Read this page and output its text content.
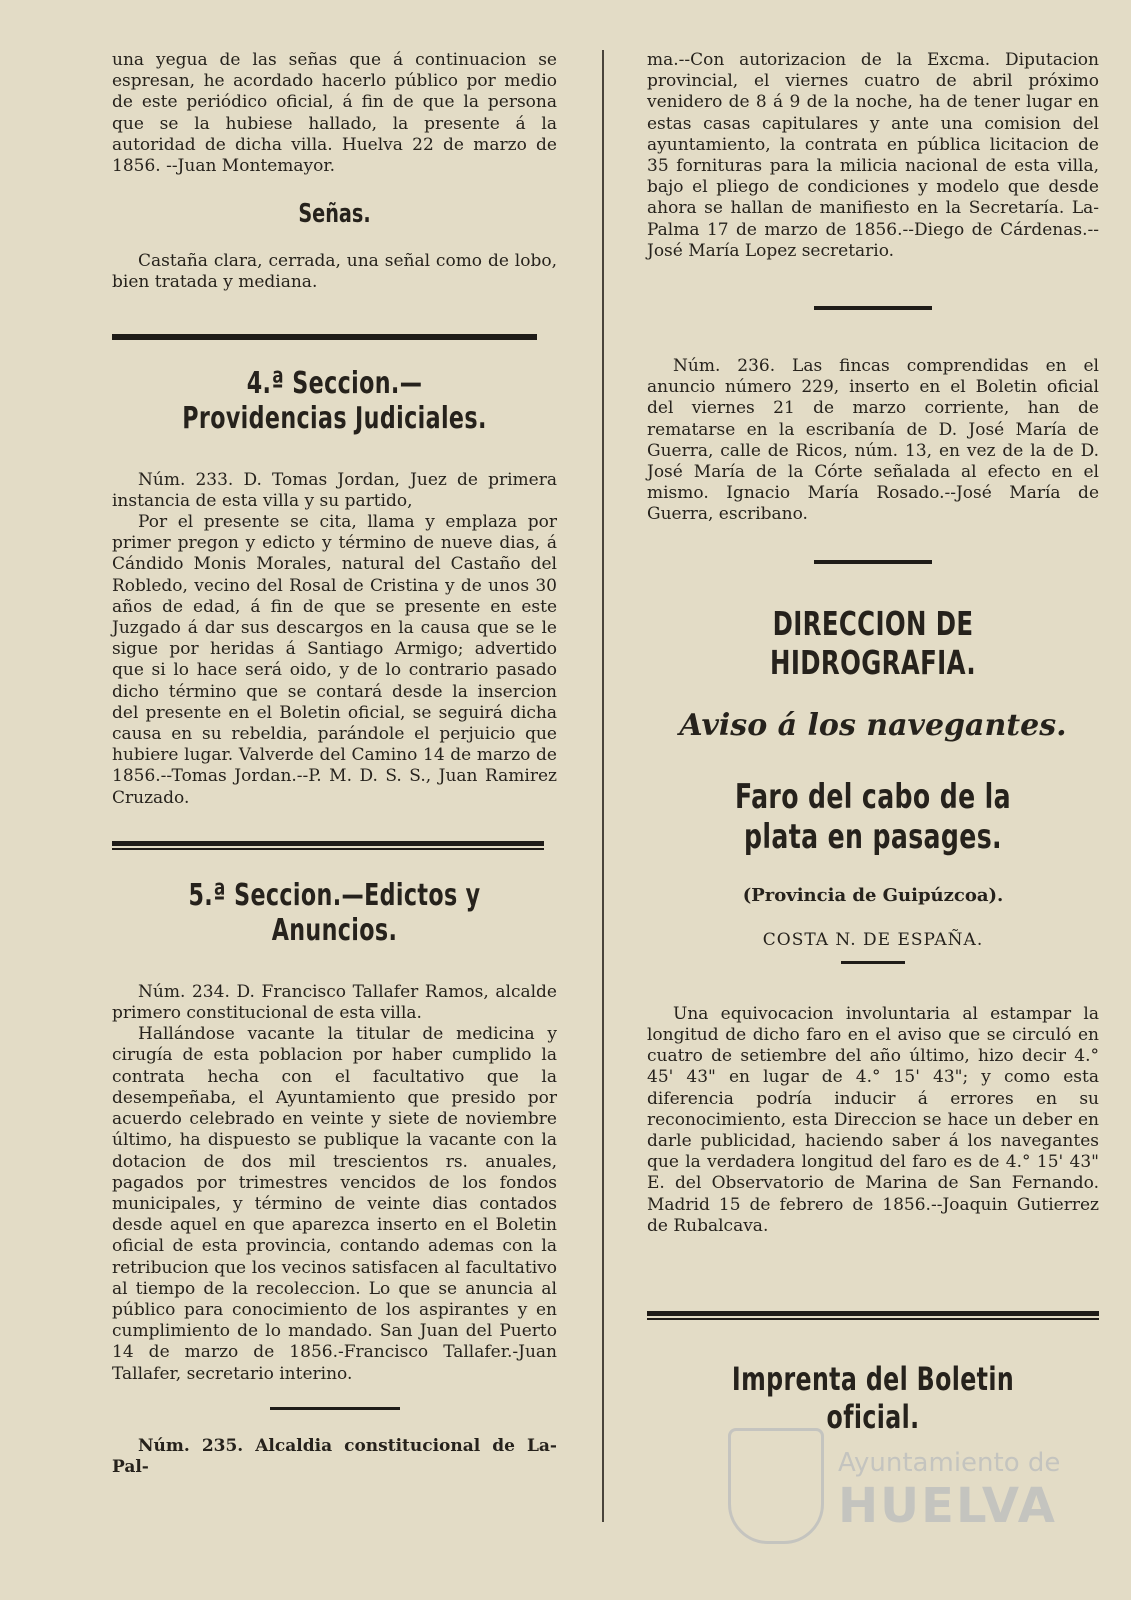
una yegua de las señas que á continuacion se espresan, he acordado hacerlo público por medio de este periódico oficial, á fin de que la persona que se la hubiese hallado, la presente á la autoridad de dicha villa. Huelva 22 de marzo de 1856. --Juan Montemayor.

Señas.

Castaña clara, cerrada, una señal como de lobo, bien tratada y mediana.

4.ª Seccion.—Providencias Judiciales.

Núm. 233. D. Tomas Jordan, Juez de primera instancia de esta villa y su partido,

Por el presente se cita, llama y emplaza por primer pregon y edicto y término de nueve dias, á Cándido Monis Morales, natural del Castaño del Robledo, vecino del Rosal de Cristina y de unos 30 años de edad, á fin de que se presente en este Juzgado á dar sus descargos en la causa que se le sigue por heridas á Santiago Armigo; advertido que si lo hace será oido, y de lo contrario pasado dicho término que se contará desde la insercion del presente en el Boletin oficial, se seguirá dicha causa en su rebeldia, parándole el perjuicio que hubiere lugar. Valverde del Camino 14 de marzo de 1856.--Tomas Jordan.--P. M. D. S. S., Juan Ramirez Cruzado.

5.ª Seccion.—Edictos y Anuncios.

Núm. 234. D. Francisco Tallafer Ramos, alcalde primero constitucional de esta villa.

Hallándose vacante la titular de medicina y cirugía de esta poblacion por haber cumplido la contrata hecha con el facultativo que la desempeñaba, el Ayuntamiento que presido por acuerdo celebrado en veinte y siete de noviembre último, ha dispuesto se publique la vacante con la dotacion de dos mil trescientos rs. anuales, pagados por trimestres vencidos de los fondos municipales, y término de veinte dias contados desde aquel en que aparezca inserto en el Boletin oficial de esta provincia, contando ademas con la retribucion que los vecinos satisfacen al facultativo al tiempo de la recoleccion. Lo que se anuncia al público para conocimiento de los aspirantes y en cumplimiento de lo mandado. San Juan del Puerto 14 de marzo de 1856.-Francisco Tallafer.-Juan Tallafer, secretario interino.

Núm. 235. Alcaldia constitucional de La-Pal-

ma.--Con autorizacion de la Excma. Diputacion provincial, el viernes cuatro de abril próximo venidero de 8 á 9 de la noche, ha de tener lugar en estas casas capitulares y ante una comision del ayuntamiento, la contrata en pública licitacion de 35 fornituras para la milicia nacional de esta villa, bajo el pliego de condiciones y modelo que desde ahora se hallan de manifiesto en la Secretaría. La-Palma 17 de marzo de 1856.--Diego de Cárdenas.--José María Lopez secretario.

Núm. 236. Las fincas comprendidas en el anuncio número 229, inserto en el Boletin oficial del viernes 21 de marzo corriente, han de rematarse en la escribanía de D. José María de Guerra, calle de Ricos, núm. 13, en vez de la de D. José María de la Córte señalada al efecto en el mismo. Ignacio María Rosado.--José María de Guerra, escribano.

DIRECCION DE HIDROGRAFIA.
Aviso á los navegantes.
Faro del cabo de la plata en pasages.
(Provincia de Guipúzcoa).

COSTA N. DE ESPAÑA.

Una equivocacion involuntaria al estampar la longitud de dicho faro en el aviso que se circuló en cuatro de setiembre del año último, hizo decir 4.° 45' 43" en lugar de 4.° 15' 43"; y como esta diferencia podría inducir á errores en su reconocimiento, esta Direccion se hace un deber en darle publicidad, haciendo saber á los navegantes que la verdadera longitud del faro es de 4.° 15' 43" E. del Observatorio de Marina de San Fernando. Madrid 15 de febrero de 1856.--Joaquin Gutierrez de Rubalcava.

Imprenta del Boletin oficial.
Ayuntamiento de
HUELVA
